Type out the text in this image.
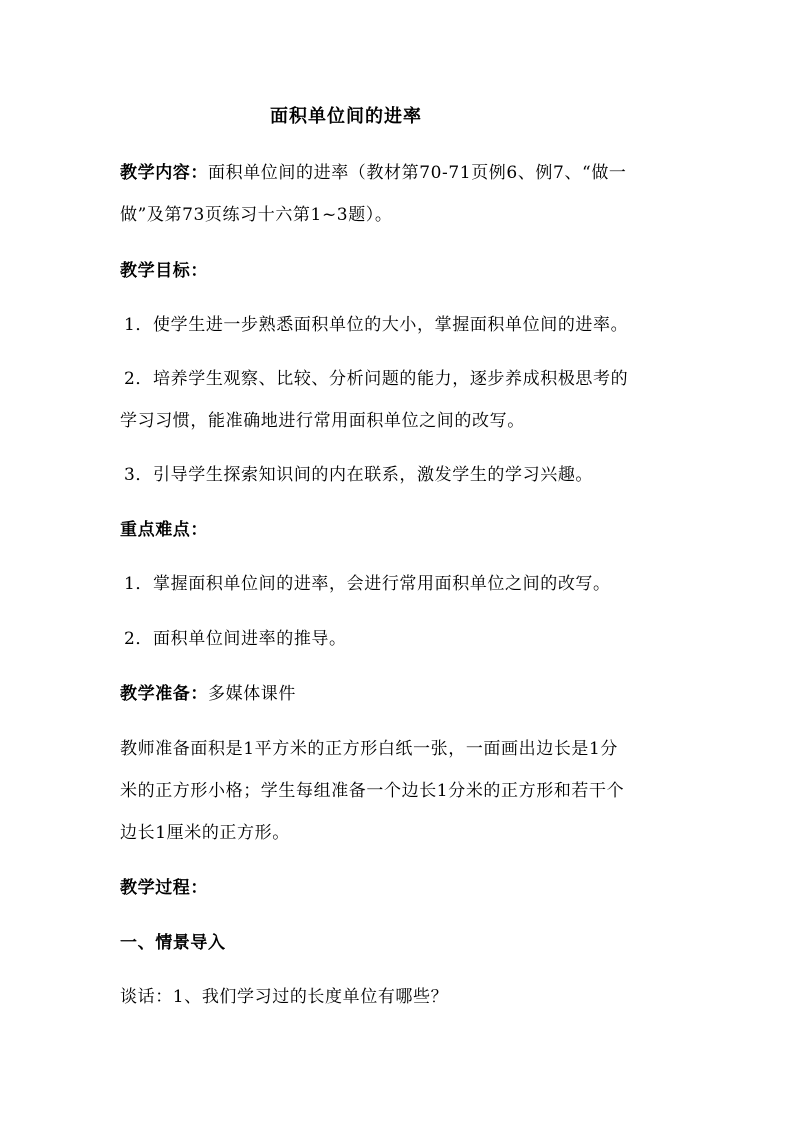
面积单位间的进率
教学内容：面积单位间的进率（教材第70-71页例6、例7、“做一
做”及第73页练习十六第1~3题）。
教学目标：
1．使学生进一步熟悉面积单位的大小，掌握面积单位间的进率。
2．培养学生观察、比较、分析问题的能力，逐步养成积极思考的
学习习惯，能准确地进行常用面积单位之间的改写。
3．引导学生探索知识间的内在联系，激发学生的学习兴趣。
重点难点：
1．掌握面积单位间的进率，会进行常用面积单位之间的改写。
2．面积单位间进率的推导。
教学准备：多媒体课件
教师准备面积是1平方米的正方形白纸一张，一面画出边长是1分
米的正方形小格；学生每组准备一个边长1分米的正方形和若干个
边长1厘米的正方形。
教学过程：
一、情景导入
谈话：1、我们学习过的长度单位有哪些？
